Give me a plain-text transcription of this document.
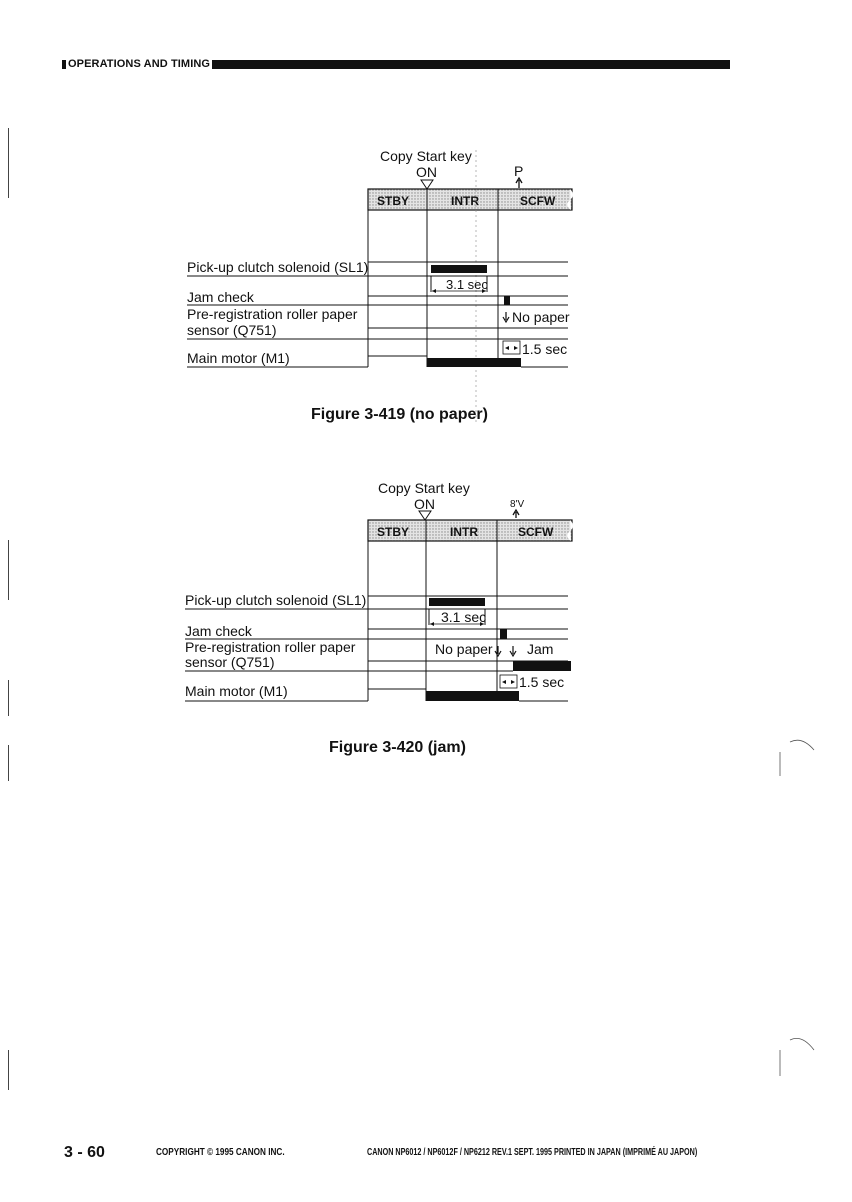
OPERATIONS AND TIMING
Copy Start key
ON	P
STBY	INTR	SCFW
Pick-up clutch solenoid (SL1)
Jam check
Pre-registration roller paper
sensor (Q751)
Main motor (M1)
3.1 sec
No paper
1.5 sec
Figure 3-419 (no paper)
Copy Start key
ON	8'V
STBY	INTR	SCFW
Pick-up clutch solenoid (SL1)
Jam check
Pre-registration roller paper
sensor (Q751)
Main motor (M1)
3.1 sec
No paper Jam
1.5 sec
Figure 3-420 (jam)
3 - 60	COPYRIGHT © 1995 CANON INC.	CANON NP6012 / NP6012F / NP6212 REV.1 SEPT. 1995 PRINTED IN JAPAN (IMPRIMÉ AU JAPON)
